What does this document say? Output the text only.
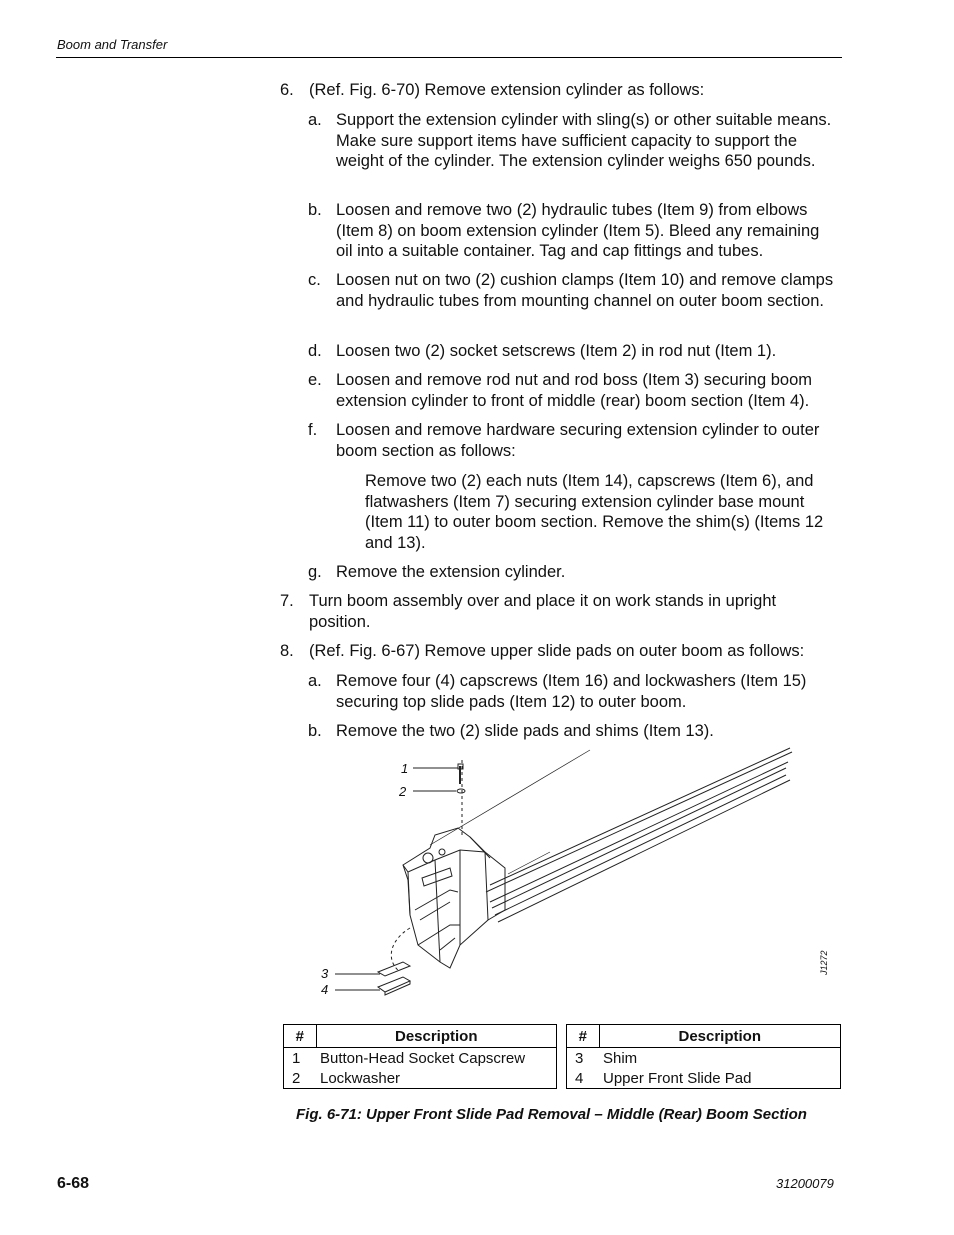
Boom and Transfer
6. (Ref. Fig. 6-70) Remove extension cylinder as follows:
a. Support the extension cylinder with sling(s) or other suitable means. Make sure support items have sufficient capacity to support the weight of the cylinder. The extension cylinder weighs 650 pounds.
b. Loosen and remove two (2) hydraulic tubes (Item 9) from elbows (Item 8) on boom extension cylinder (Item 5). Bleed any remaining oil into a suitable container. Tag and cap fittings and tubes.
c. Loosen nut on two (2) cushion clamps (Item 10) and remove clamps and hydraulic tubes from mounting channel on outer boom section.
d. Loosen two (2) socket setscrews (Item 2) in rod nut (Item 1).
e. Loosen and remove rod nut and rod boss (Item 3) securing boom extension cylinder to front of middle (rear) boom section (Item 4).
f. Loosen and remove hardware securing extension cylinder to outer boom section as follows:
Remove two (2) each nuts (Item 14), capscrews (Item 6), and flatwashers (Item 7) securing extension cylinder base mount (Item 11) to outer boom section. Remove the shim(s) (Items 12 and 13).
g. Remove the extension cylinder.
7. Turn boom assembly over and place it on work stands in upright position.
8. (Ref. Fig. 6-67) Remove upper slide pads on outer boom as follows:
a. Remove four (4) capscrews (Item 16) and lockwashers (Item 15) securing top slide pads (Item 12) to outer boom.
b. Remove the two (2) slide pads and shims (Item 13).
1
2
3
4
J1272
#	Description
1	Button-Head Socket Capscrew
2	Lockwasher
#	Description
3	Shim
4	Upper Front Slide Pad
Fig. 6-71: Upper Front Slide Pad Removal – Middle (Rear) Boom Section
6-68	31200079
